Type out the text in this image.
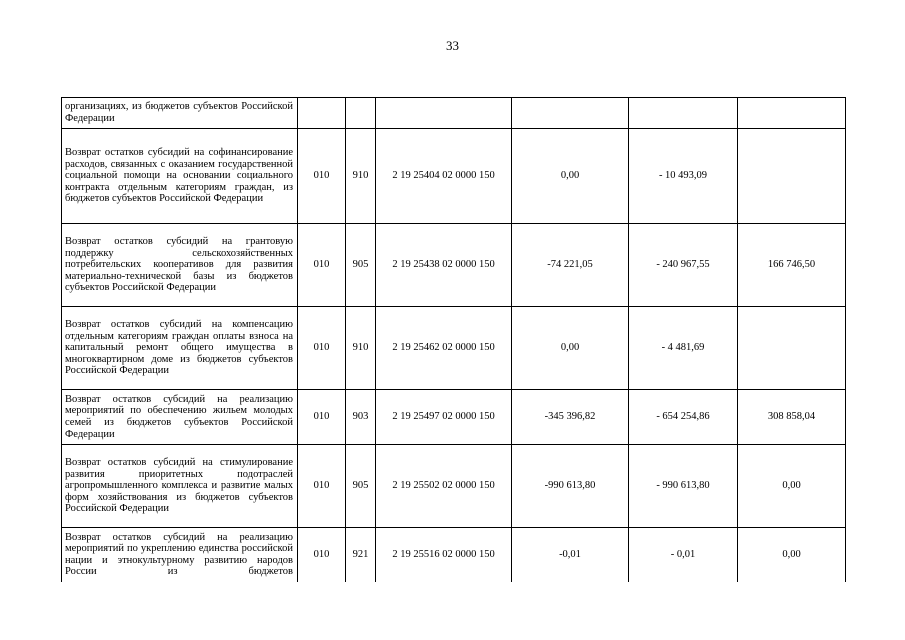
33
организациях, из бюджетов субъектов Российской Федерации						
Возврат остатков субсидий на софинансирование расходов, связанных с оказанием государственной социальной помощи на основании социального контракта отдельным категориям граждан, из бюджетов субъектов Российской Федерации	010	910	2 19 25404 02 0000 150	0,00	- 10 493,09	
Возврат остатков субсидий на грантовую поддержку сельскохозяйственных потребительских кооперативов для развития материально-технической базы из бюджетов субъектов Российской Федерации	010	905	2 19 25438 02 0000 150	-74 221,05	- 240 967,55	166 746,50
Возврат остатков субсидий на компенсацию отдельным категориям граждан оплаты взноса на капитальный ремонт общего имущества в многоквартирном доме из бюджетов субъектов Российской Федерации	010	910	2 19 25462 02 0000 150	0,00	- 4 481,69	
Возврат остатков субсидий на реализацию мероприятий по обеспечению жильем молодых семей из бюджетов субъектов Российской Федерации	010	903	2 19 25497 02 0000 150	-345 396,82	- 654 254,86	308 858,04
Возврат остатков субсидий на стимулирование развития приоритетных подотраслей агропромышленного комплекса и развитие малых форм хозяйствования из бюджетов субъектов Российской Федерации	010	905	2 19 25502 02 0000 150	-990 613,80	- 990 613,80	0,00
Возврат остатков субсидий на реализацию мероприятий по укреплению единства российской нации и этнокультурному развитию народов России из бюджетов	010	921	2 19 25516 02 0000 150	-0,01	- 0,01	0,00
